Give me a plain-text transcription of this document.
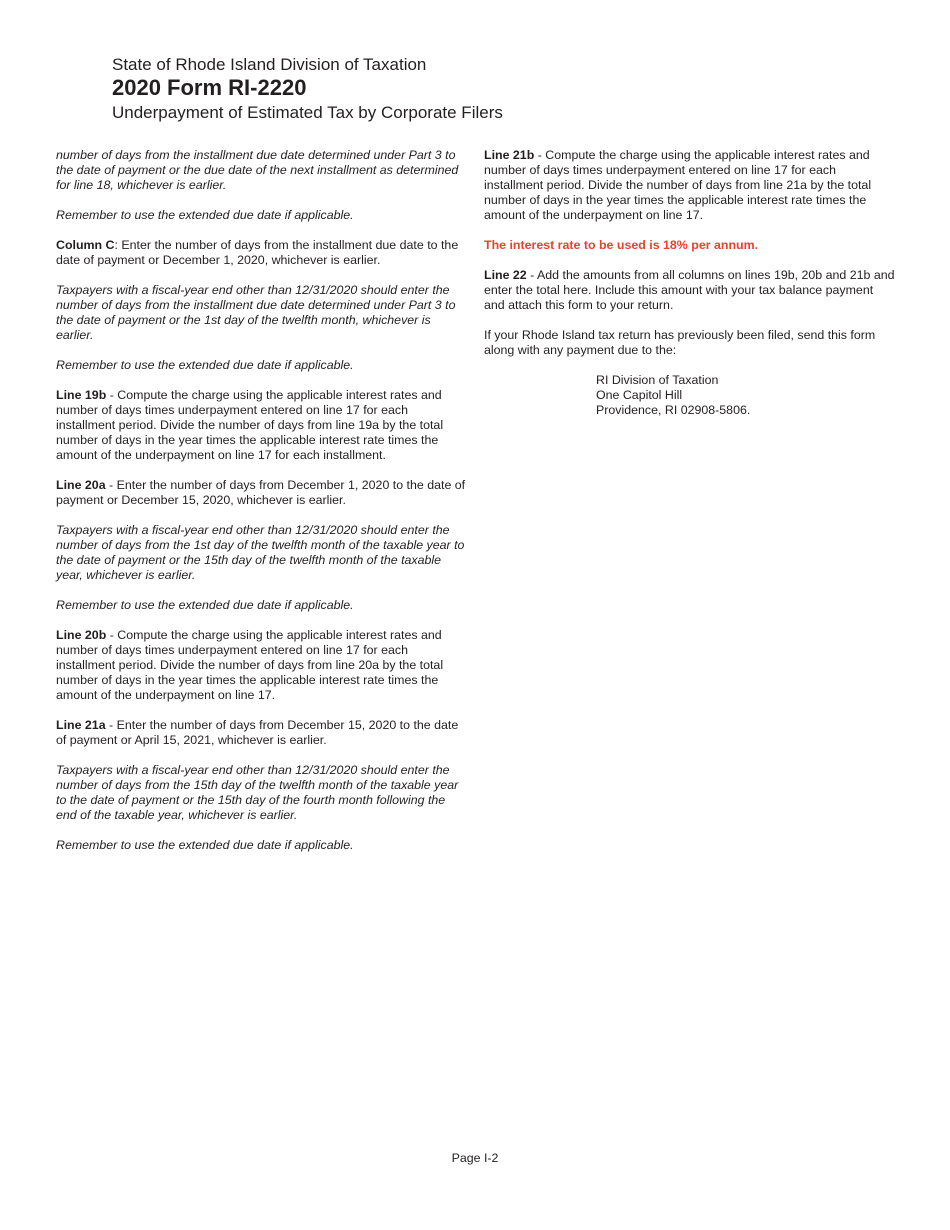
State of Rhode Island Division of Taxation

2020 Form RI-2220

Underpayment of Estimated Tax by Corporate Filers

number of days from the installment due date determined under Part 3 to the date of payment or the due date of the next installment as determined for line 18, whichever is earlier.

Remember to use the extended due date if applicable.

Column C: Enter the number of days from the installment due date to the date of payment or December 1, 2020, whichever is earlier.

Taxpayers with a fiscal-year end other than 12/31/2020 should enter the number of days from the installment due date determined under Part 3 to the date of payment or the 1st day of the twelfth month, whichever is earlier.

Remember to use the extended due date if applicable.

Line 19b - Compute the charge using the applicable interest rates and number of days times underpayment entered on line 17 for each installment period. Divide the number of days from line 19a by the total number of days in the year times the applicable interest rate times the amount of the underpayment on line 17 for each installment.

Line 20a - Enter the number of days from December 1, 2020 to the date of payment or December 15, 2020, whichever is earlier.

Taxpayers with a fiscal-year end other than 12/31/2020 should enter the number of days from the 1st day of the twelfth month of the taxable year to the date of payment or the 15th day of the twelfth month of the taxable year, whichever is earlier.

Remember to use the extended due date if applicable.

Line 20b - Compute the charge using the applicable interest rates and number of days times underpayment entered on line 17 for each installment period. Divide the number of days from line 20a by the total number of days in the year times the applicable interest rate times the amount of the underpayment on line 17.

Line 21a - Enter the number of days from December 15, 2020 to the date of payment or April 15, 2021, whichever is earlier.

Taxpayers with a fiscal-year end other than 12/31/2020 should enter the number of days from the 15th day of the twelfth month of the taxable year to the date of payment or the 15th day of the fourth month following the end of the taxable year, whichever is earlier.

Remember to use the extended due date if applicable.

Line 21b - Compute the charge using the applicable interest rates and number of days times underpayment entered on line 17 for each installment period. Divide the number of days from line 21a by the total number of days in the year times the applicable interest rate times the amount of the underpayment on line 17.

The interest rate to be used is 18% per annum.

Line 22 - Add the amounts from all columns on lines 19b, 20b and 21b and enter the total here. Include this amount with your tax balance payment and attach this form to your return.

If your Rhode Island tax return has previously been filed, send this form along with any payment due to the:

RI Division of Taxation
One Capitol Hill
Providence, RI 02908-5806.
Page I-2
